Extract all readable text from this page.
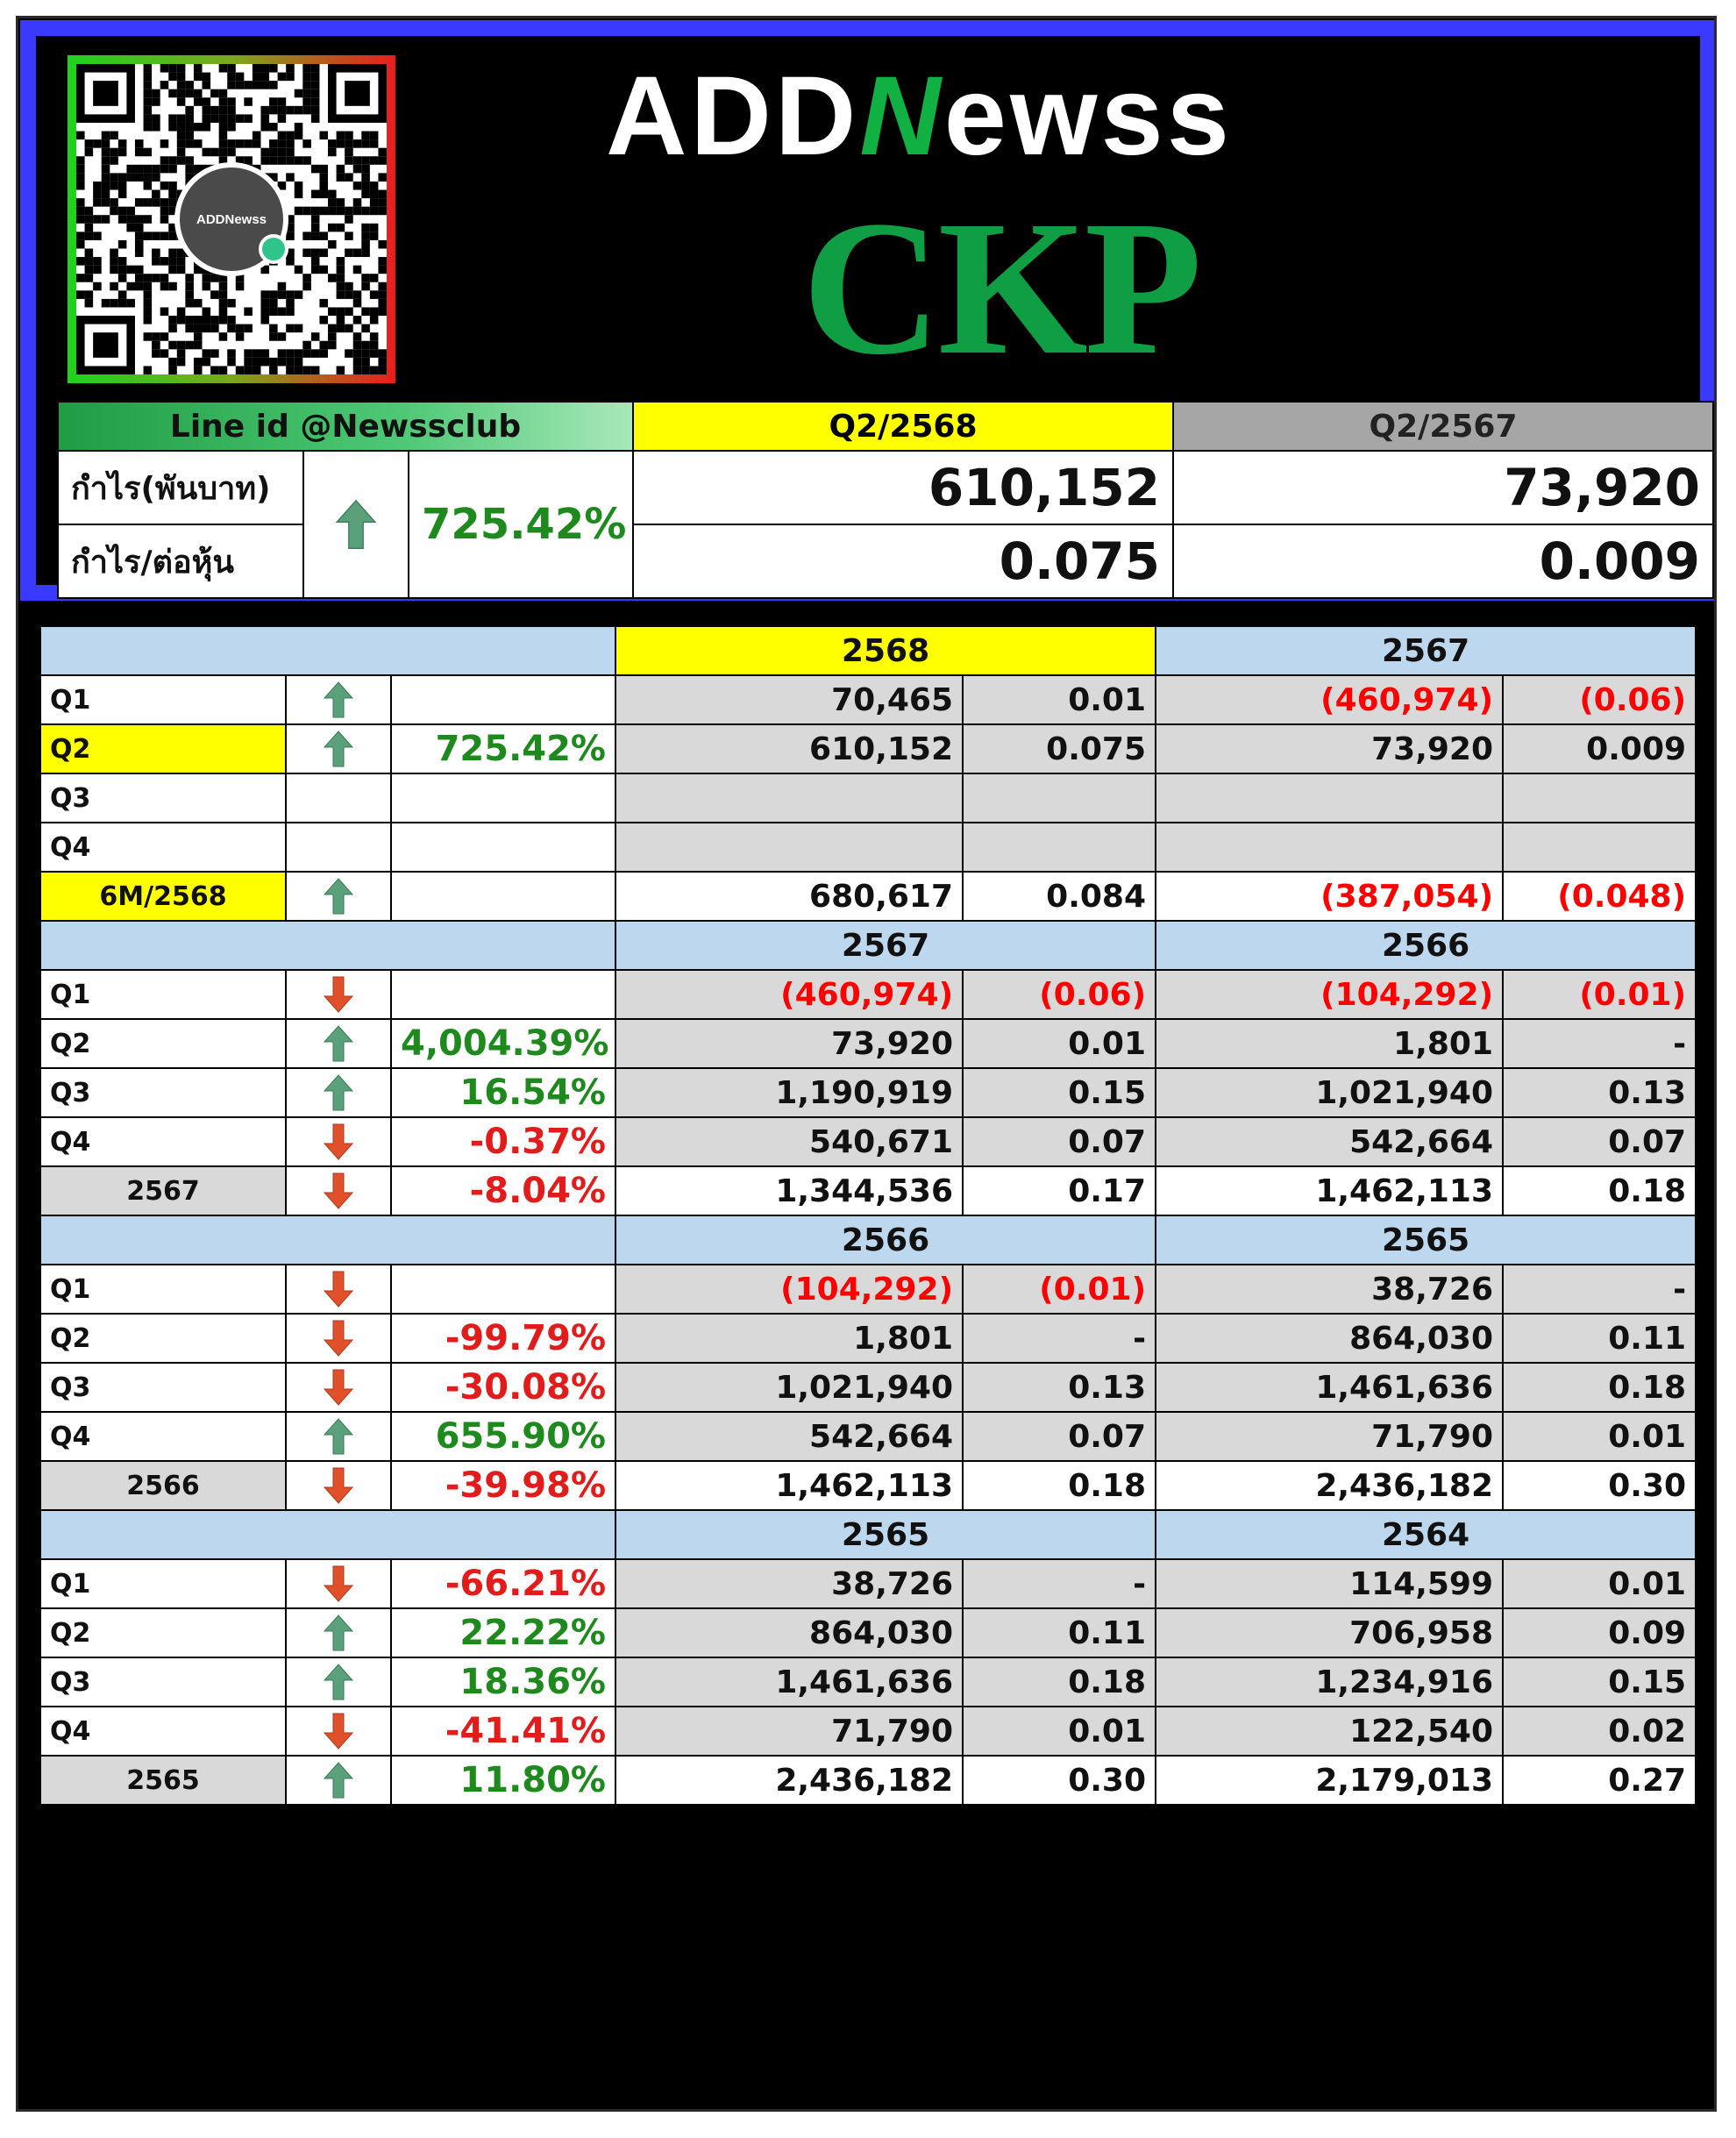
ADDNewss
ADDNewss
CKP
Line id @Newssclub			Q2/2568	Q2/2567
กำไร(พันบาท)		725.42%	610,152	73,920
กำไร/ต่อหุ้น			0.075	0.009
			2568		2567	
Q1			70,465	0.01	(460,974)	(0.06)
Q2		725.42%	610,152	0.075	73,920	0.009
Q3						
Q4						
6M/2568			680,617	0.084	(387,054)	(0.048)
			2567		2566	
Q1			(460,974)	(0.06)	(104,292)	(0.01)
Q2		4,004.39%	73,920	0.01	1,801	-
Q3		16.54%	1,190,919	0.15	1,021,940	0.13
Q4		-0.37%	540,671	0.07	542,664	0.07
2567		-8.04%	1,344,536	0.17	1,462,113	0.18
			2566		2565	
Q1			(104,292)	(0.01)	38,726	-
Q2		-99.79%	1,801	-	864,030	0.11
Q3		-30.08%	1,021,940	0.13	1,461,636	0.18
Q4		655.90%	542,664	0.07	71,790	0.01
2566		-39.98%	1,462,113	0.18	2,436,182	0.30
			2565		2564	
Q1		-66.21%	38,726	-	114,599	0.01
Q2		22.22%	864,030	0.11	706,958	0.09
Q3		18.36%	1,461,636	0.18	1,234,916	0.15
Q4		-41.41%	71,790	0.01	122,540	0.02
2565		11.80%	2,436,182	0.30	2,179,013	0.27
